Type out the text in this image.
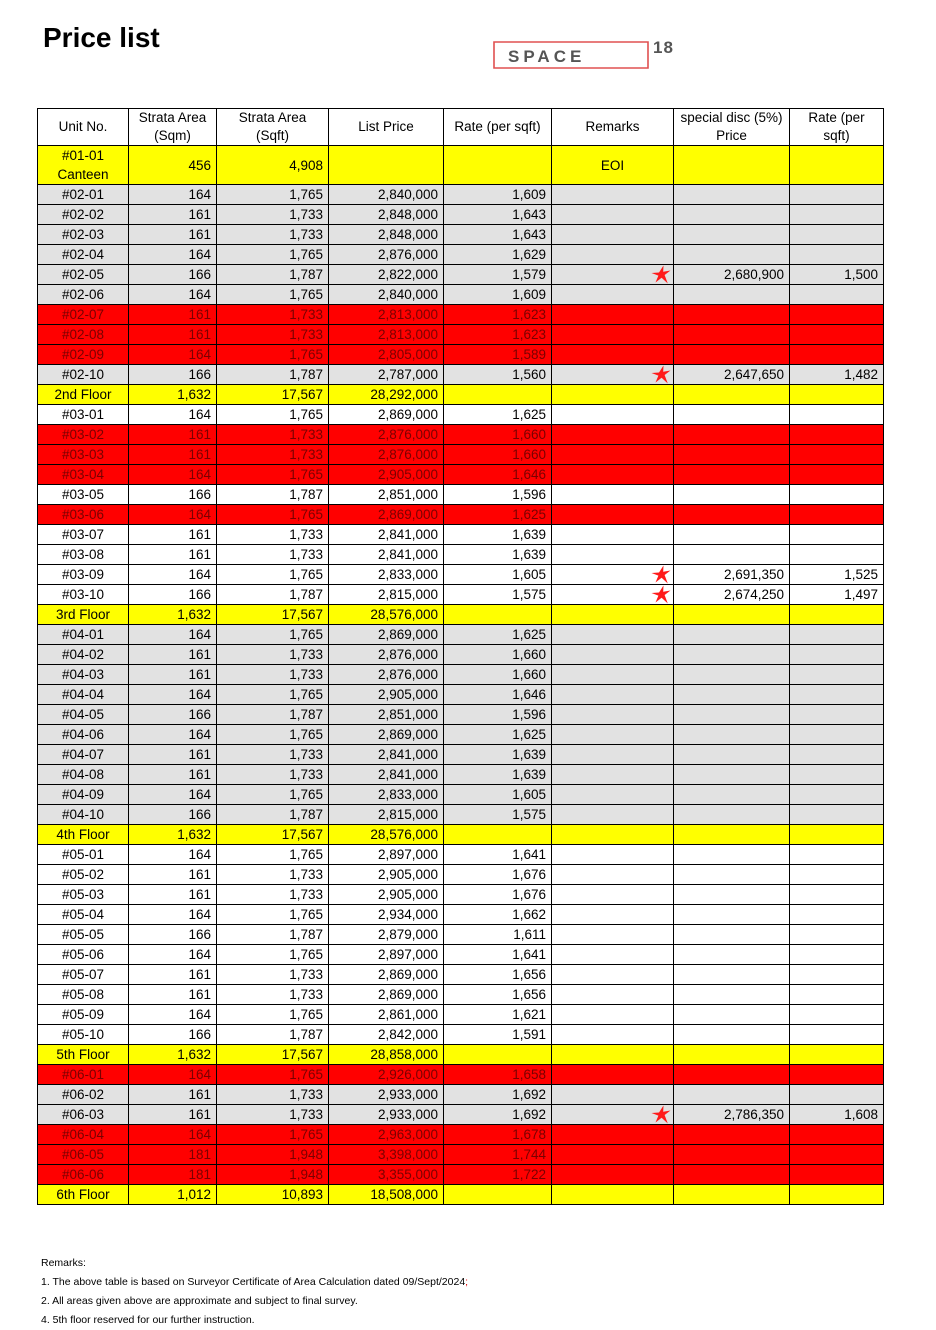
Price list
SPACE	18
Unit No.	Strata Area (Sqm)	Strata Area (Sqft)	List Price	Rate (per sqft)	Remarks	special disc (5%) Price	Rate (per sqft)
#01-01 Canteen	456	4,908			EOI		
#02-01	164	1,765	2,840,000	1,609			
#02-02	161	1,733	2,848,000	1,643			
#02-03	161	1,733	2,848,000	1,643			
#02-04	164	1,765	2,876,000	1,629			
#02-05	166	1,787	2,822,000	1,579		2,680,900	1,500
#02-06	164	1,765	2,840,000	1,609			
#02-07	161	1,733	2,813,000	1,623			
#02-08	161	1,733	2,813,000	1,623			
#02-09	164	1,765	2,805,000	1,589			
#02-10	166	1,787	2,787,000	1,560		2,647,650	1,482
2nd Floor	1,632	17,567	28,292,000				
#03-01	164	1,765	2,869,000	1,625			
#03-02	161	1,733	2,876,000	1,660			
#03-03	161	1,733	2,876,000	1,660			
#03-04	164	1,765	2,905,000	1,646			
#03-05	166	1,787	2,851,000	1,596			
#03-06	164	1,765	2,869,000	1,625			
#03-07	161	1,733	2,841,000	1,639			
#03-08	161	1,733	2,841,000	1,639			
#03-09	164	1,765	2,833,000	1,605		2,691,350	1,525
#03-10	166	1,787	2,815,000	1,575		2,674,250	1,497
3rd Floor	1,632	17,567	28,576,000				
#04-01	164	1,765	2,869,000	1,625			
#04-02	161	1,733	2,876,000	1,660			
#04-03	161	1,733	2,876,000	1,660			
#04-04	164	1,765	2,905,000	1,646			
#04-05	166	1,787	2,851,000	1,596			
#04-06	164	1,765	2,869,000	1,625			
#04-07	161	1,733	2,841,000	1,639			
#04-08	161	1,733	2,841,000	1,639			
#04-09	164	1,765	2,833,000	1,605			
#04-10	166	1,787	2,815,000	1,575			
4th Floor	1,632	17,567	28,576,000				
#05-01	164	1,765	2,897,000	1,641			
#05-02	161	1,733	2,905,000	1,676			
#05-03	161	1,733	2,905,000	1,676			
#05-04	164	1,765	2,934,000	1,662			
#05-05	166	1,787	2,879,000	1,611			
#05-06	164	1,765	2,897,000	1,641			
#05-07	161	1,733	2,869,000	1,656			
#05-08	161	1,733	2,869,000	1,656			
#05-09	164	1,765	2,861,000	1,621			
#05-10	166	1,787	2,842,000	1,591			
5th Floor	1,632	17,567	28,858,000				
#06-01	164	1,765	2,926,000	1,658			
#06-02	161	1,733	2,933,000	1,692			
#06-03	161	1,733	2,933,000	1,692		2,786,350	1,608
#06-04	164	1,765	2,963,000	1,678			
#06-05	181	1,948	3,398,000	1,744			
#06-06	181	1,948	3,355,000	1,722			
6th Floor	1,012	10,893	18,508,000				

Remarks:

1. The above table is based on Surveyor Certificate of Area Calculation dated 09/Sept/2024;

2. All areas given above are approximate and subject to final survey.

4. 5th floor reserved for our further instruction.
